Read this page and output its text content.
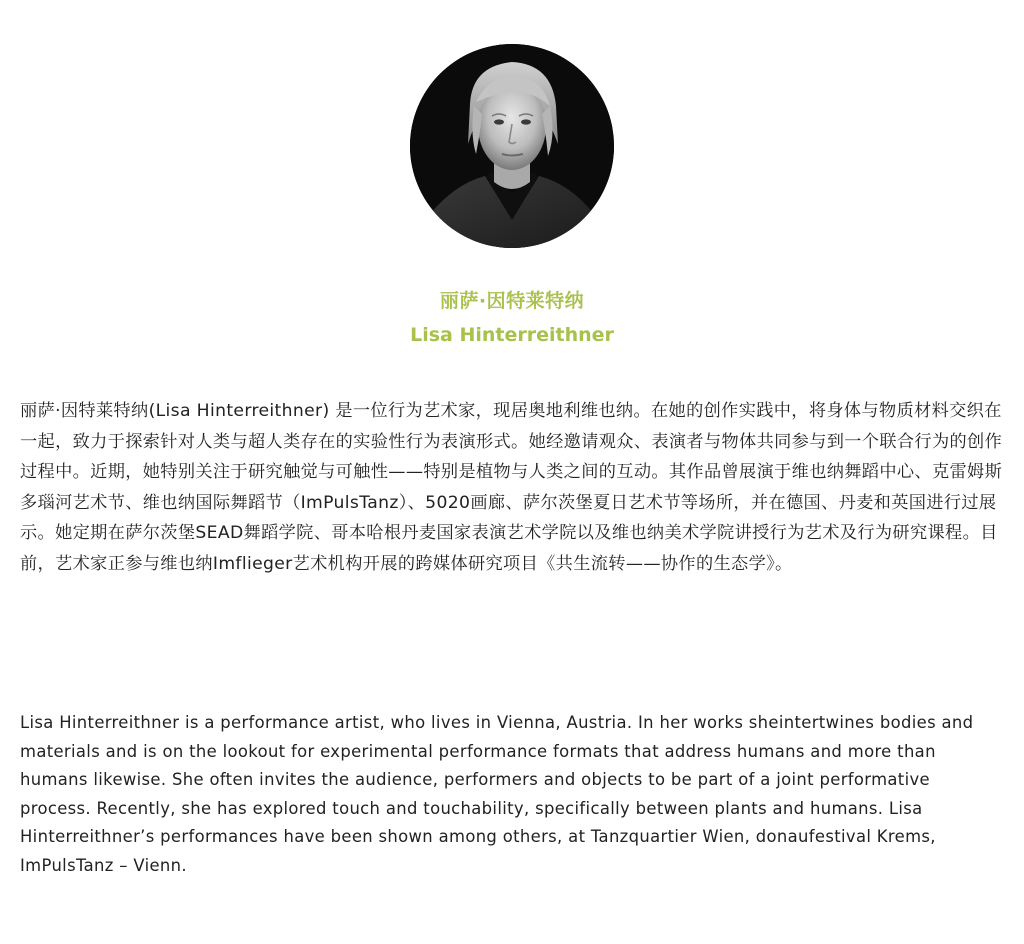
丽萨·因特莱特纳
Lisa Hinterreithner

丽萨·因特莱特纳(Lisa Hinterreithner) 是一位行为艺术家，现居奥地利维也纳。在她的创作实践中，将身体与物质材料交织在一起，致力于探索针对人类与超人类存在的实验性行为表演形式。她经邀请观众、表演者与物体共同参与到一个联合行为的创作过程中。近期，她特别关注于研究触觉与可触性——特别是植物与人类之间的互动。其作品曾展演于维也纳舞蹈中心、克雷姆斯多瑙河艺术节、维也纳国际舞蹈节（ImPulsTanz）、5020画廊、萨尔茨堡夏日艺术节等场所，并在德国、丹麦和英国进行过展示。她定期在萨尔茨堡SEAD舞蹈学院、哥本哈根丹麦国家表演艺术学院以及维也纳美术学院讲授行为艺术及行为研究课程。目前，艺术家正参与维也纳Imflieger艺术机构开展的跨媒体研究项目《共生流转——协作的生态学》。

Lisa Hinterreithner is a performance artist, who lives in Vienna, Austria. In her works sheintertwines bodies and materials and is on the lookout for experimental performance formats that address humans and more than humans likewise. She often invites the audience, performers and objects to be part of a joint performative process. Recently, she has explored touch and touchability, specifically between plants and humans. Lisa Hinterreithner’s performances have been shown among others, at Tanzquartier Wien, donaufestival Krems, ImPulsTanz – Vienn.
